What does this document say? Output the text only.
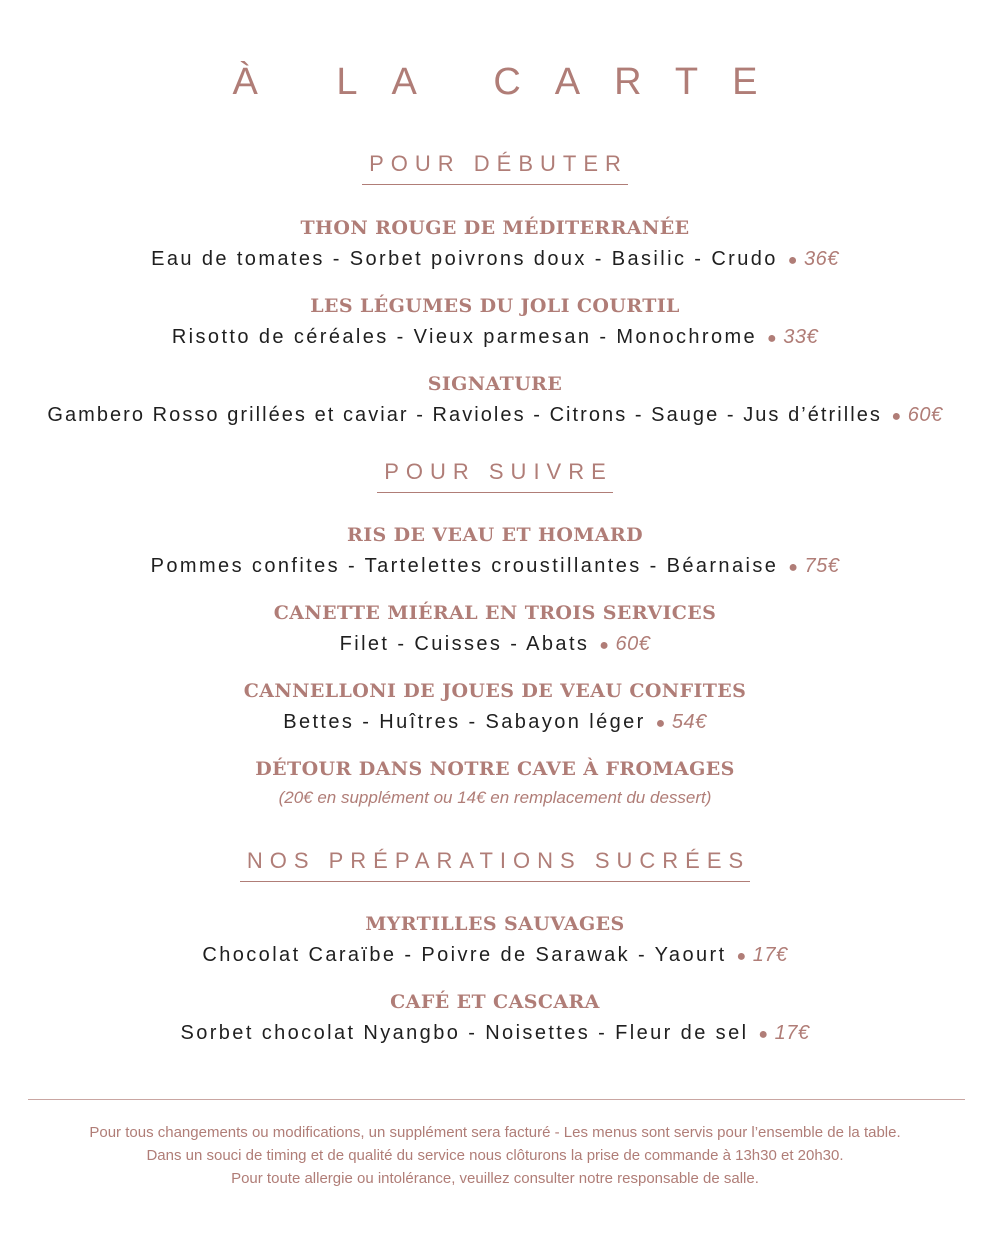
À LA CARTE
POUR DÉBUTER
THON ROUGE DE MÉDITERRANÉE
Eau de tomates - Sorbet poivrons doux - Basilic - Crudo ● 36€
LES LÉGUMES DU JOLI COURTIL
Risotto de céréales - Vieux parmesan - Monochrome ● 33€
SIGNATURE
Gambero Rosso grillées et caviar - Ravioles - Citrons - Sauge - Jus d’étrilles ● 60€
POUR SUIVRE
RIS DE VEAU ET HOMARD
Pommes confites - Tartelettes croustillantes - Béarnaise ● 75€
CANETTE MIÉRAL EN TROIS SERVICES
Filet - Cuisses - Abats ● 60€
CANNELLONI DE JOUES DE VEAU CONFITES
Bettes - Huîtres - Sabayon léger ● 54€
DÉTOUR DANS NOTRE CAVE À FROMAGES
(20€ en supplément ou 14€ en remplacement du dessert)
NOS PRÉPARATIONS SUCRÉES
MYRTILLES SAUVAGES
Chocolat Caraïbe - Poivre de Sarawak - Yaourt ● 17€
CAFÉ ET CASCARA
Sorbet chocolat Nyangbo - Noisettes - Fleur de sel ● 17€
Pour tous changements ou modifications, un supplément sera facturé - Les menus sont servis pour l’ensemble de la table.
Dans un souci de timing et de qualité du service nous clôturons la prise de commande à 13h30 et 20h30.
Pour toute allergie ou intolérance, veuillez consulter notre responsable de salle.
